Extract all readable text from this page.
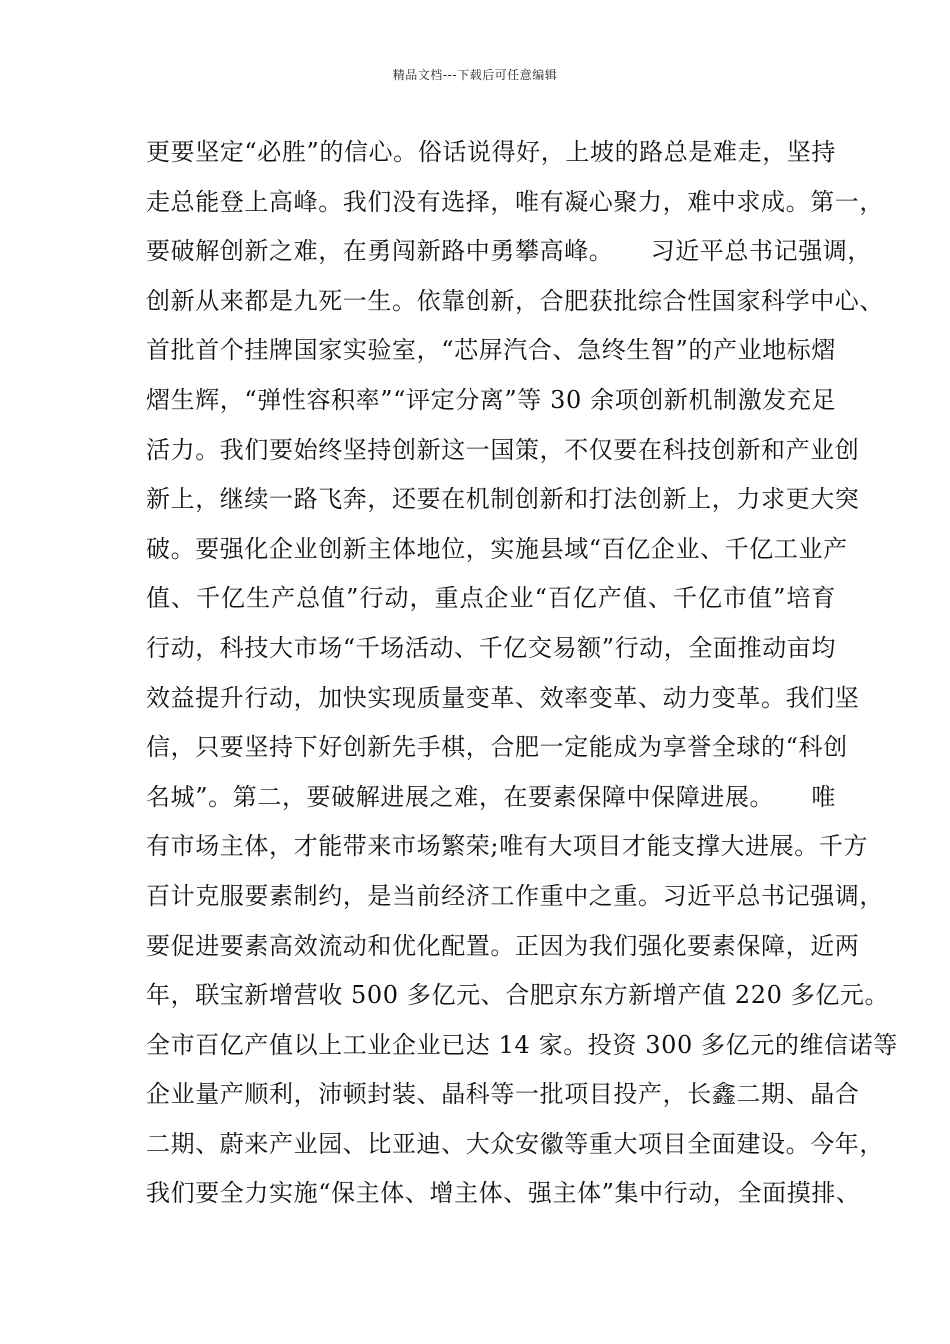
精品文档---下载后可任意编辑
更要坚定“必胜”的信心。俗话说得好，上坡的路总是难走，坚持
走总能登上高峰。我们没有选择，唯有凝心聚力，难中求成。第一，
要破解创新之难，在勇闯新路中勇攀高峰。　　习近平总书记强调，
创新从来都是九死一生。依靠创新，合肥获批综合性国家科学中心、
首批首个挂牌国家实验室，“芯屏汽合、急终生智”的产业地标熠
熠生辉，“弹性容积率”“评定分离”等 30 余项创新机制激发充足
活力。我们要始终坚持创新这一国策，不仅要在科技创新和产业创
新上，继续一路飞奔，还要在机制创新和打法创新上，力求更大突
破。要强化企业创新主体地位，实施县域“百亿企业、千亿工业产
值、千亿生产总值”行动，重点企业“百亿产值、千亿市值”培育
行动，科技大市场“千场活动、千亿交易额”行动，全面推动亩均
效益提升行动，加快实现质量变革、效率变革、动力变革。我们坚
信，只要坚持下好创新先手棋，合肥一定能成为享誉全球的“科创
名城”。第二，要破解进展之难，在要素保障中保障进展。　　唯
有市场主体，才能带来市场繁荣;唯有大项目才能支撑大进展。千方
百计克服要素制约，是当前经济工作重中之重。习近平总书记强调，
要促进要素高效流动和优化配置。正因为我们强化要素保障，近两
年，联宝新增营收 500 多亿元、合肥京东方新增产值 220 多亿元。
全市百亿产值以上工业企业已达 14 家。投资 300 多亿元的维信诺等
企业量产顺利，沛顿封装、晶科等一批项目投产，长鑫二期、晶合
二期、蔚来产业园、比亚迪、大众安徽等重大项目全面建设。今年，
我们要全力实施“保主体、增主体、强主体”集中行动，全面摸排、
